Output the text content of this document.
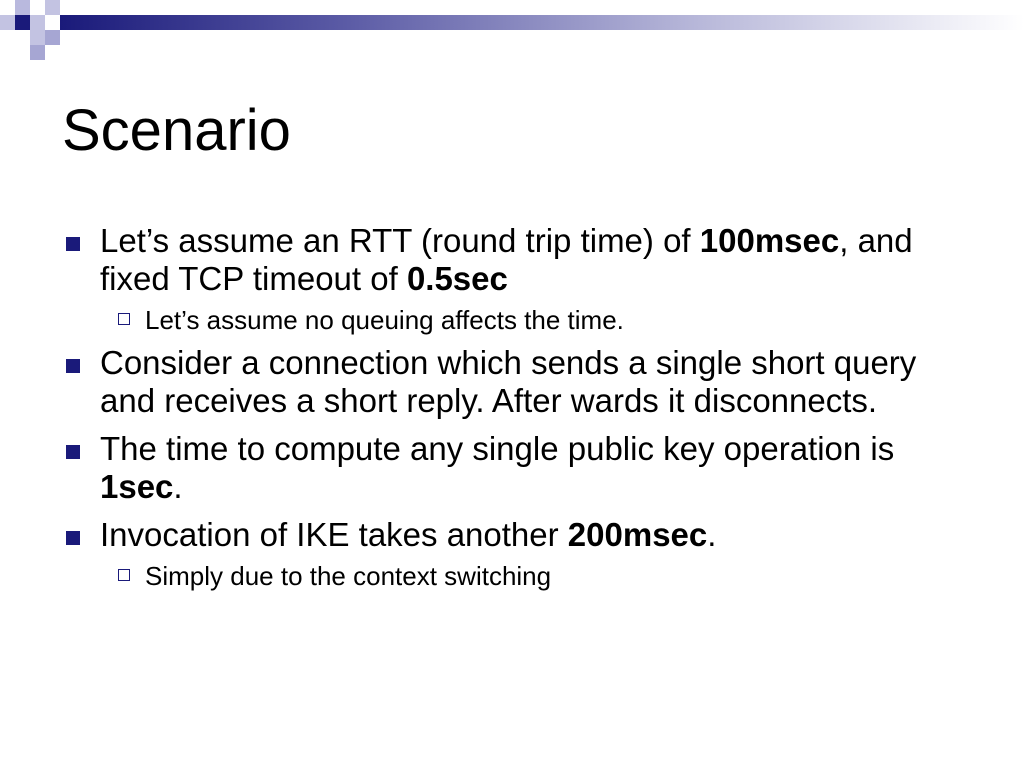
Scenario
Let’s assume an RTT (round trip time) of 100msec, and fixed TCP timeout of 0.5sec
Let’s assume no queuing affects the time.
Consider a connection which sends a single short query and receives a short reply. After wards it disconnects.
The time to compute any single public key operation is 1sec.
Invocation of IKE takes another 200msec.
Simply due to the context switching
